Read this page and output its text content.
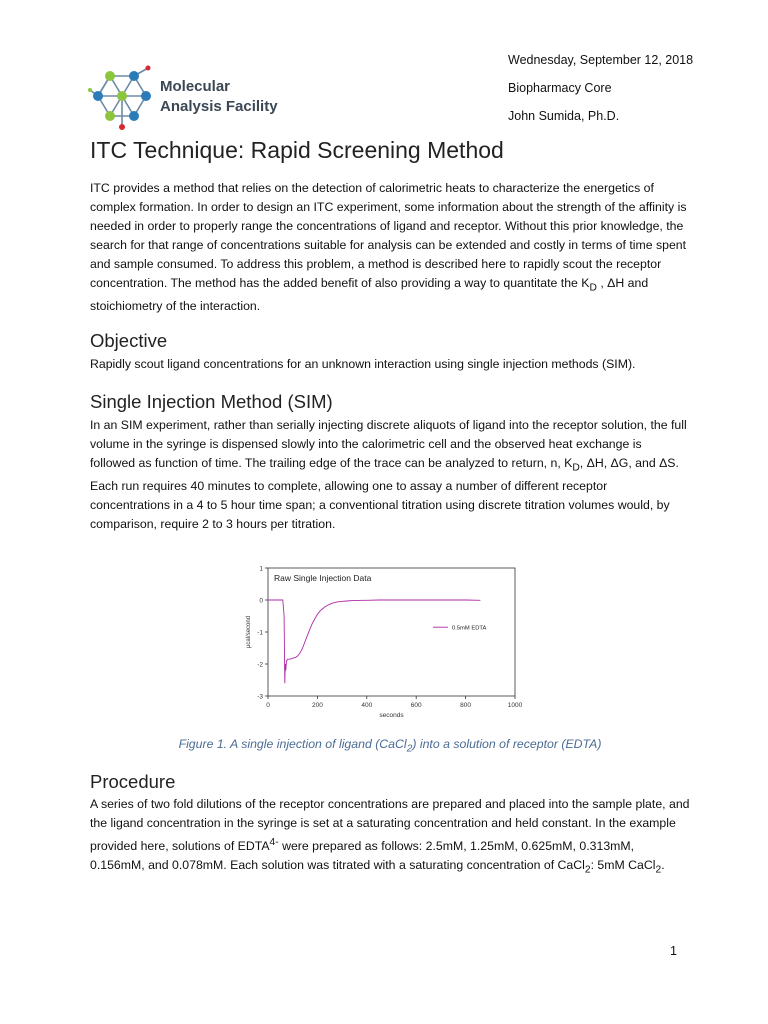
Wednesday, September 12, 2018
Biopharmacy Core
John Sumida, Ph.D.
Molecular
Analysis Facility
ITC Technique: Rapid Screening Method

ITC provides a method that relies on the detection of calorimetric heats to characterize the energetics of complex formation. In order to design an ITC experiment, some information about the strength of the affinity is needed in order to properly range the concentrations of ligand and receptor. Without this prior knowledge, the search for that range of concentrations suitable for analysis can be extended and costly in terms of time spent and sample consumed. To address this problem, a method is described here to rapidly scout the receptor concentration. The method has the added benefit of also providing a way to quantitate the $K_D$ , ΔH and stoichiometry of the interaction.

Objective

Rapidly scout ligand concentrations for an unknown interaction using single injection methods (SIM).

Single Injection Method (SIM)

In an SIM experiment, rather than serially injecting discrete aliquots of ligand into the receptor solution, the full volume in the syringe is dispensed slowly into the calorimetric cell and the observed heat exchange is followed as function of time. The trailing edge of the trace can be analyzed to return, n, $K_D$, ΔH, ΔG, and ΔS. Each run requires 40 minutes to complete, allowing one to assay a number of different receptor concentrations in a 4 to 5 hour time span; a conventional titration using discrete titration volumes would, by comparison, require 2 to 3 hours per titration.

0	200	400	600	800	1000
1
0
-1
-2
-3
seconds
µcal/second
Raw Single Injection Data
0.5mM EDTA
Figure 1. A single injection of ligand (CaCl$_2$) into a solution of receptor (EDTA)
Procedure

A series of two fold dilutions of the receptor concentrations are prepared and placed into the sample plate, and the ligand concentration in the syringe is set at a saturating concentration and held constant. In the example provided here, solutions of $EDTA^{4-}$ were prepared as follows: 2.5mM, 1.25mM, 0.625mM, 0.313mM, 0.156mM, and 0.078mM. Each solution was titrated with a saturating concentration of CaCl$_2$: 5mM CaCl$_2$.

1
